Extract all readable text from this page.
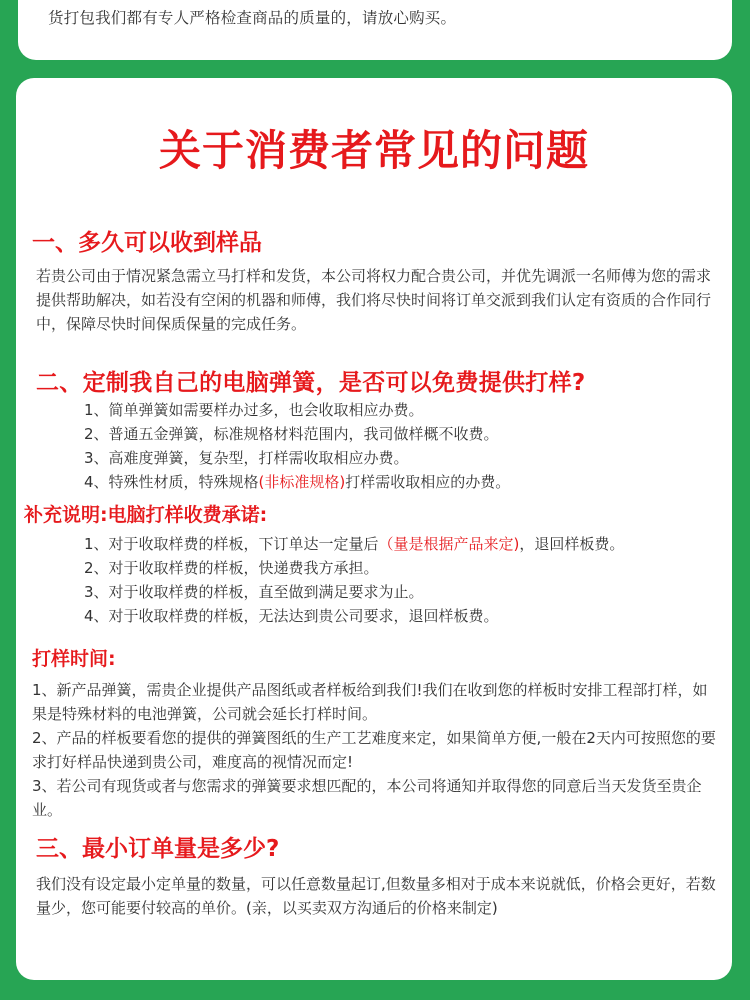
货打包我们都有专人严格检查商品的质量的，请放心购买。

关于消费者常见的问题
一、多久可以收到样品

若贵公司由于情况紧急需立马打样和发货，本公司将权力配合贵公司，并优先调派一名师傅为您的需求提供帮助解决，如若没有空闲的机器和师傅，我们将尽快时间将订单交派到我们认定有资质的合作同行中，保障尽快时间保质保量的完成任务。

二、定制我自己的电脑弹簧，是否可以免费提供打样?
1、简单弹簧如需要样办过多，也会收取相应办费。
2、普通五金弹簧，标准规格材料范围内，我司做样概不收费。
3、高难度弹簧，复杂型，打样需收取相应办费。
4、特殊性材质，特殊规格(非标准规格)打样需收取相应的办费。
补充说明:电脑打样收费承诺:
1、对于收取样费的样板，下订单达一定量后（量是根据产品来定)，退回样板费。
2、对于收取样费的样板，快递费我方承担。
3、对于收取样费的样板，直至做到满足要求为止。
4、对于收取样费的样板，无法达到贵公司要求，退回样板费。
打样时间:

1、新产品弹簧，需贵企业提供产品图纸或者样板给到我们!我们在收到您的样板时安排工程部打样，如果是特殊材料的电池弹簧，公司就会延长打样时间。

2、产品的样板要看您的提供的弹簧图纸的生产工艺难度来定，如果简单方便,一般在2天内可按照您的要求打好样品快递到贵公司，难度高的视情况而定!

3、若公司有现货或者与您需求的弹簧要求想匹配的，本公司将通知并取得您的同意后当天发货至贵企业。

三、最小订单量是多少?

我们没有设定最小定单量的数量，可以任意数量起订,但数量多相对于成本来说就低，价格会更好，若数量少，您可能要付较高的单价。(亲，以买卖双方沟通后的价格来制定)
